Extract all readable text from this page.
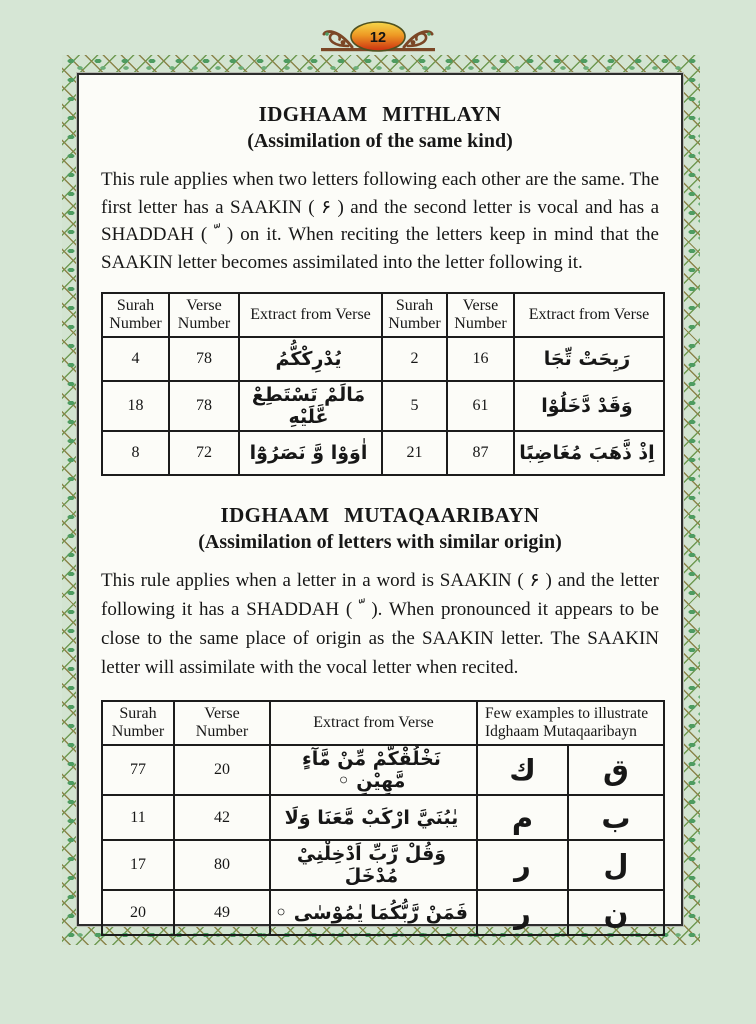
12
IDGHAAM MITHLAYN
(Assimilation of the same kind)

This rule applies when two letters following each other are the same. The first letter has a SAAKIN ( ۶ ) and the second letter is vocal and has a SHADDAH ( ﹼ ) on it. When reciting the letters keep in mind that the SAAKIN letter becomes assimilated into the letter following it.

Surah Number	Verse Number	Extract from Verse	Surah Number	Verse Number	Extract from Verse
4	78	يُدْرِكْكُّمُ	2	16	رَبِحَتْ تِّجَا
18	78	مَالَمْ تَسْتَطِعْ عَّلَيْهِ	5	61	وَقَدْ دَّخَلُوْا
8	72	اٰوَوْا وَّ نَصَرُوْٓا	21	87	اِذْ ذَّهَبَ مُغَاضِبًا
IDGHAAM MUTAQAARIBAYN
(Assimilation of letters with similar origin)

This rule applies when a letter in a word is SAAKIN ( ۶ ) and the letter following it has a SHADDAH ( ﹼ ). When pronounced it appears to be close to the same place of origin as the SAAKIN letter. The SAAKIN letter will assimilate with the vocal letter when recited.

Surah Number	Verse Number	Extract from Verse	Few examples to illustrate Idghaam Mutaqaaribayn	
77	20	نَخْلُقْكُّمْ مِّنْ مَّآءٍ مَّهِيْنٍ ◦	ك	ق
11	42	يٰبُنَيَّ ارْكَبْ مَّعَنَا وَلَا	م	ب
17	80	وَقُلْ رَّبِّ اَدْخِلْنِيْ مُدْخَلَ	ر	ل
20	49	فَمَنْ رَّبُّكُمَا يٰمُوْسٰى ◦	ر	ن
